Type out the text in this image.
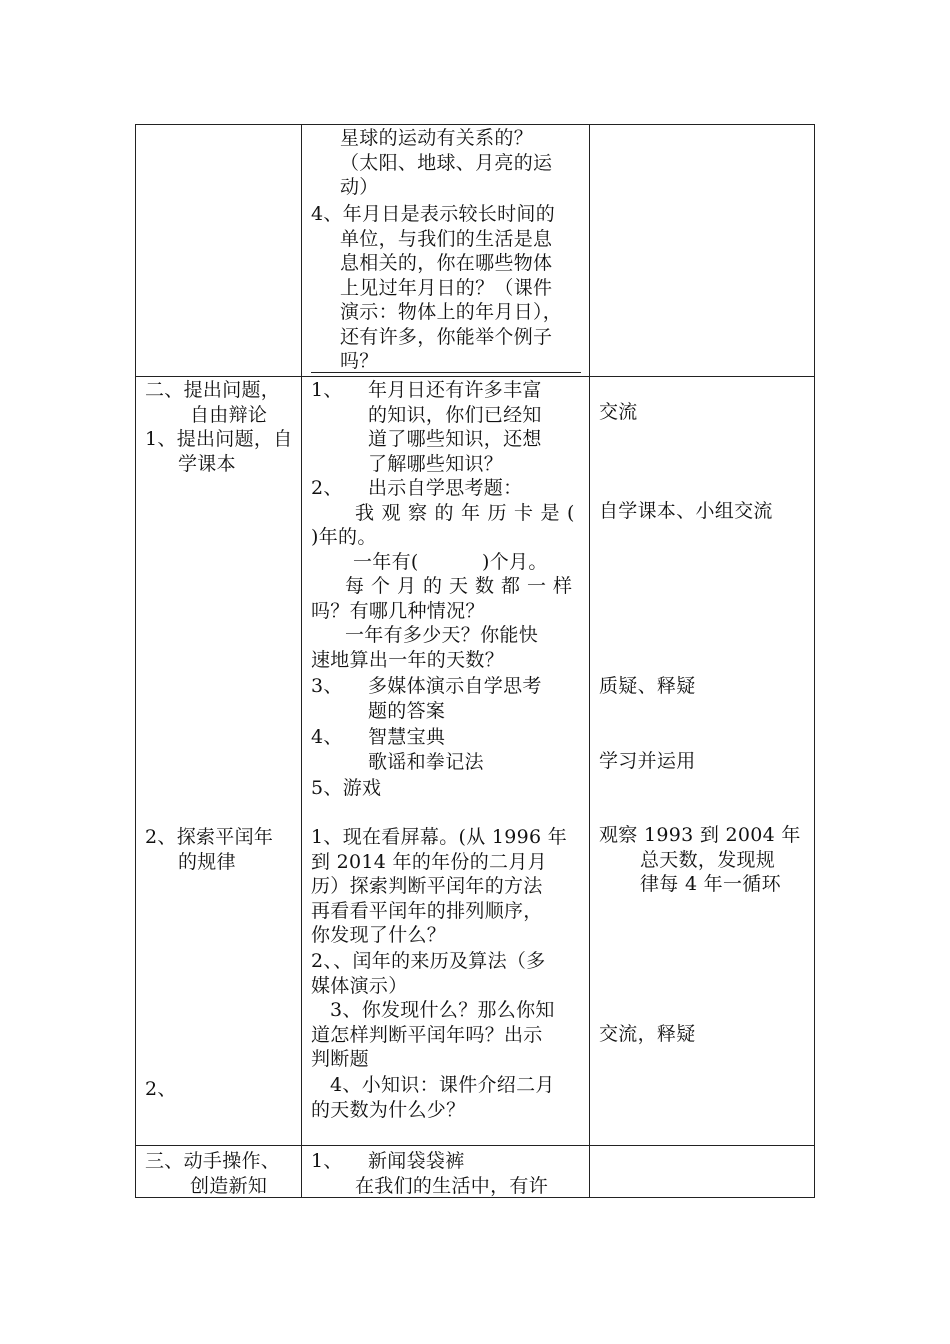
星球的运动有关系的？
（太阳、地球、月亮的运
动）
4、年月日是表示较长时间的
单位，与我们的生活是息
息相关的，你在哪些物体
上见过年月日的？（课件
演示：物体上的年月日），
还有许多，你能举个例子
吗？
二、提出问题，
自由辩论
1、提出问题，自
学课本
2、探索平闰年
的规律
2、
1、 年月日还有许多丰富
的知识，你们已经知
道了哪些知识，还想
了解哪些知识？
2、 出示自学思考题：
我观察的年历卡是(
)年的。
一年有(          )个月。
每个月的天数都一样
吗？有哪几种情况？
一年有多少天？你能快
速地算出一年的天数？
3、 多媒体演示自学思考
题的答案
4、 智慧宝典
歌谣和拳记法
5、游戏
1、现在看屏幕。(从 1996 年
到 2014 年的年份的二月月
历）探索判断平闰年的方法
再看看平闰年的排列顺序，
你发现了什么？
2、、闰年的来历及算法（多
媒体演示）
3、你发现什么？那么你知
道怎样判断平闰年吗？出示
判断题
4、小知识：课件介绍二月
的天数为什么少？
交流
自学课本、小组交流
质疑、释疑
学习并运用
观察 1993 到 2004 年
总天数，发现规
律每 4 年一循环
交流，释疑
三、动手操作、
创造新知
1、 新闻袋袋裤
在我们的生活中，有许
